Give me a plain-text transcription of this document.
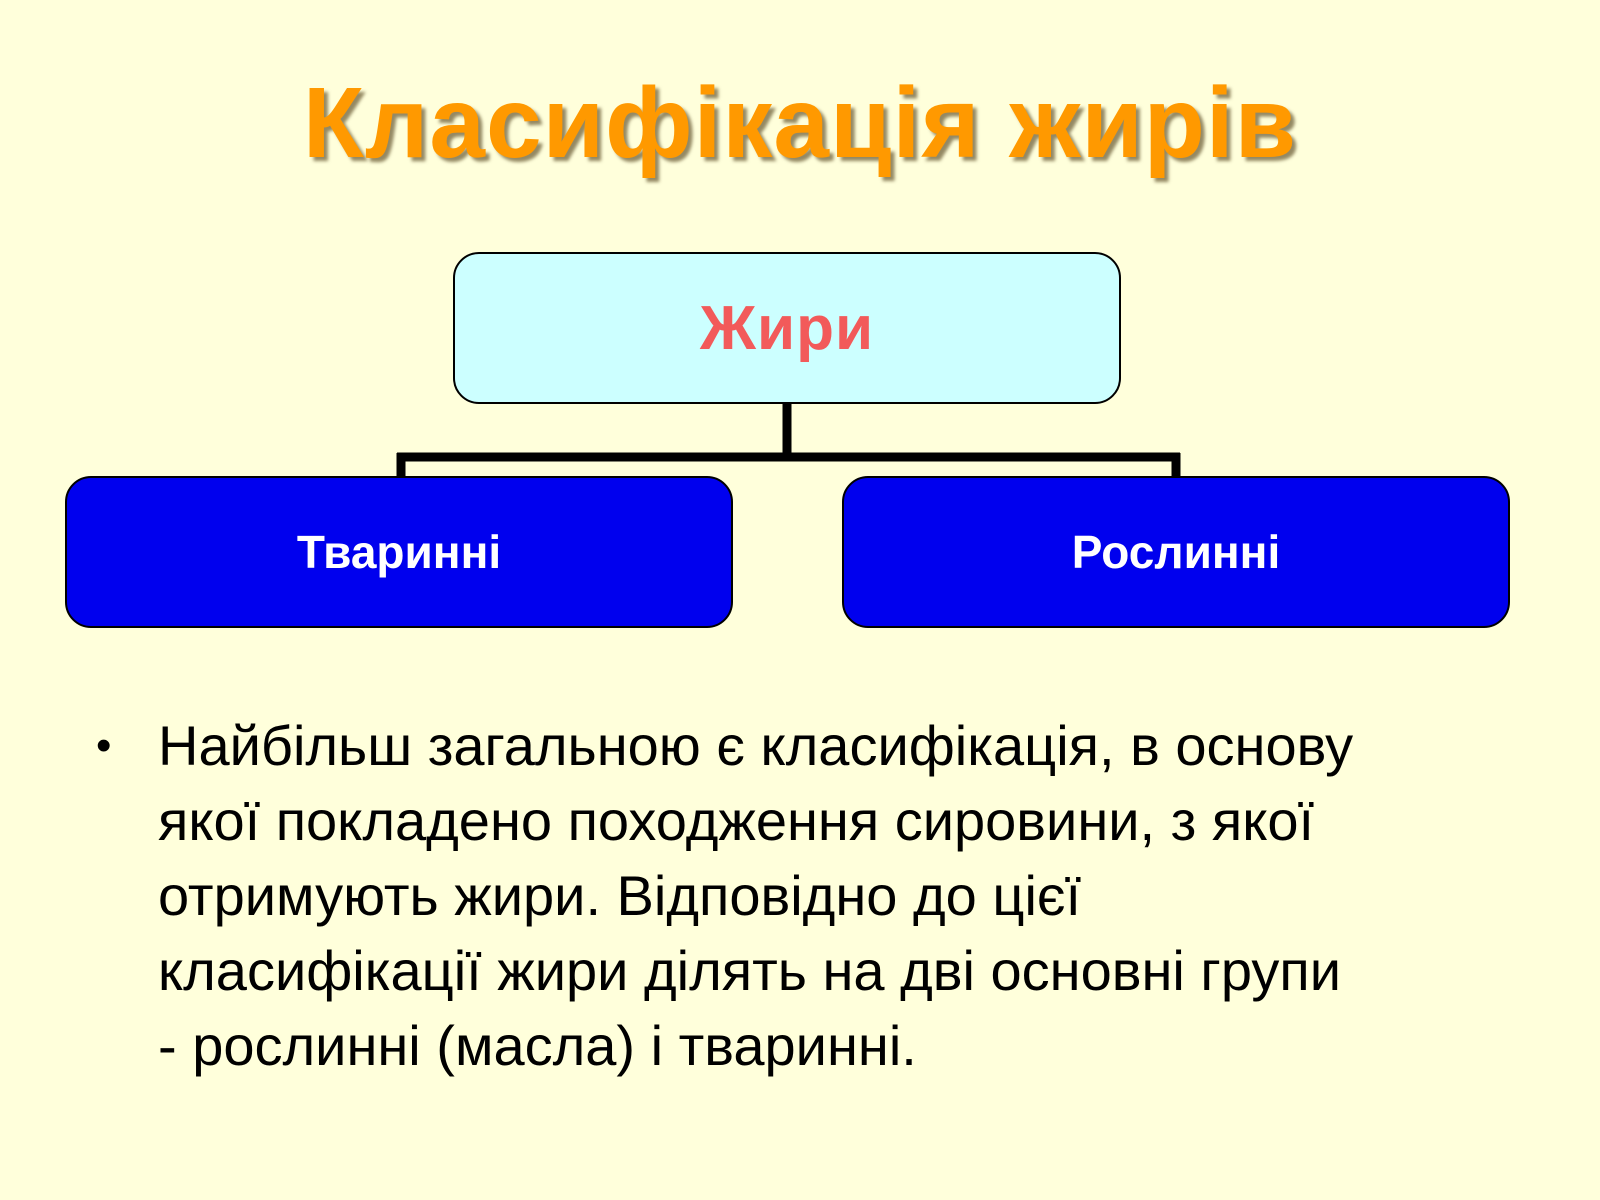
Класифікація жирів
Жири
Тваринні	Рослинні
• Найбільш загальною є класифікація, в основу
якої покладено походження сировини, з якої
отримують жири. Відповідно до цієї
класифікації жири ділять на дві основні групи
- рослинні (масла) і тваринні.
